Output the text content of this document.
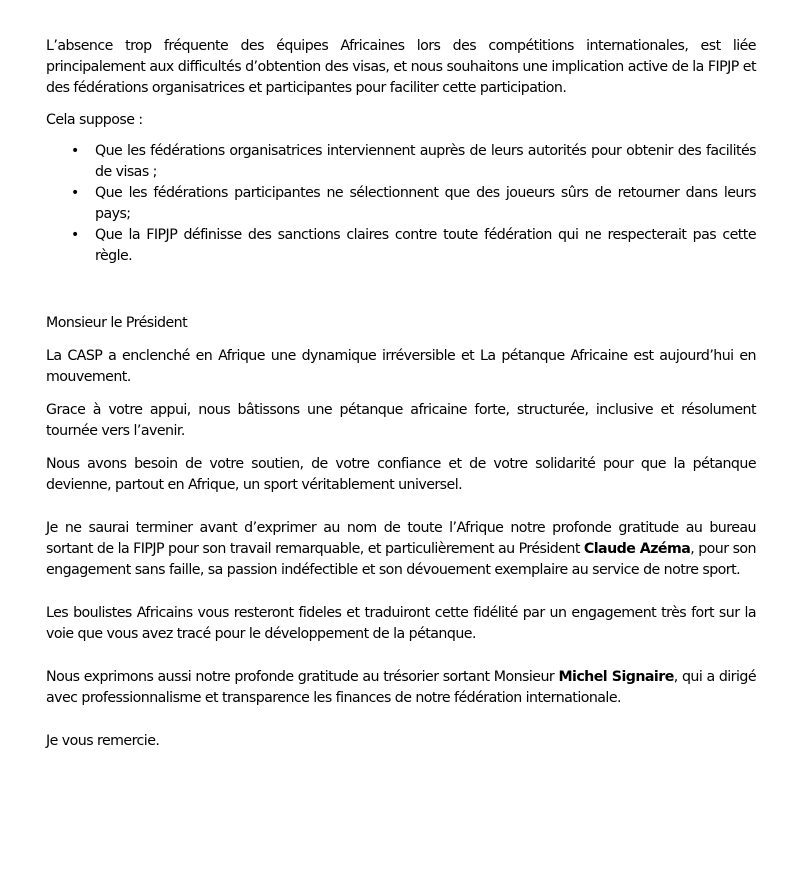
L’absence trop fréquente des équipes Africaines lors des compétitions internationales, est liée principalement aux difficultés d’obtention des visas, et nous souhaitons une implication active de la FIPJP et des fédérations organisatrices et participantes pour faciliter cette participation.

Cela suppose :

• Que les fédérations organisatrices interviennent auprès de leurs autorités pour obtenir des facilités de visas ;
• Que les fédérations participantes ne sélectionnent que des joueurs sûrs de retourner dans leurs pays;
• Que la FIPJP définisse des sanctions claires contre toute fédération qui ne respecterait pas cette règle.

Monsieur le Président

La CASP a enclenché en Afrique une dynamique irréversible et La pétanque Africaine est aujourd’hui en mouvement.

Grace à votre appui, nous bâtissons une pétanque africaine forte, structurée, inclusive et résolument tournée vers l’avenir.

Nous avons besoin de votre soutien, de votre confiance et de votre solidarité pour que la pétanque devienne, partout en Afrique, un sport véritablement universel.

Je ne saurai terminer avant d’exprimer au nom de toute l’Afrique notre profonde gratitude au bureau sortant de la FIPJP pour son travail remarquable, et particulièrement au Président Claude Azéma, pour son engagement sans faille, sa passion indéfectible et son dévouement exemplaire au service de notre sport.

Les boulistes Africains vous resteront fideles et traduiront cette fidélité par un engagement très fort sur la voie que vous avez tracé pour le développement de la pétanque.

Nous exprimons aussi notre profonde gratitude au trésorier sortant Monsieur Michel Signaire, qui a dirigé avec professionnalisme et transparence les finances de notre fédération internationale.

Je vous remercie.
